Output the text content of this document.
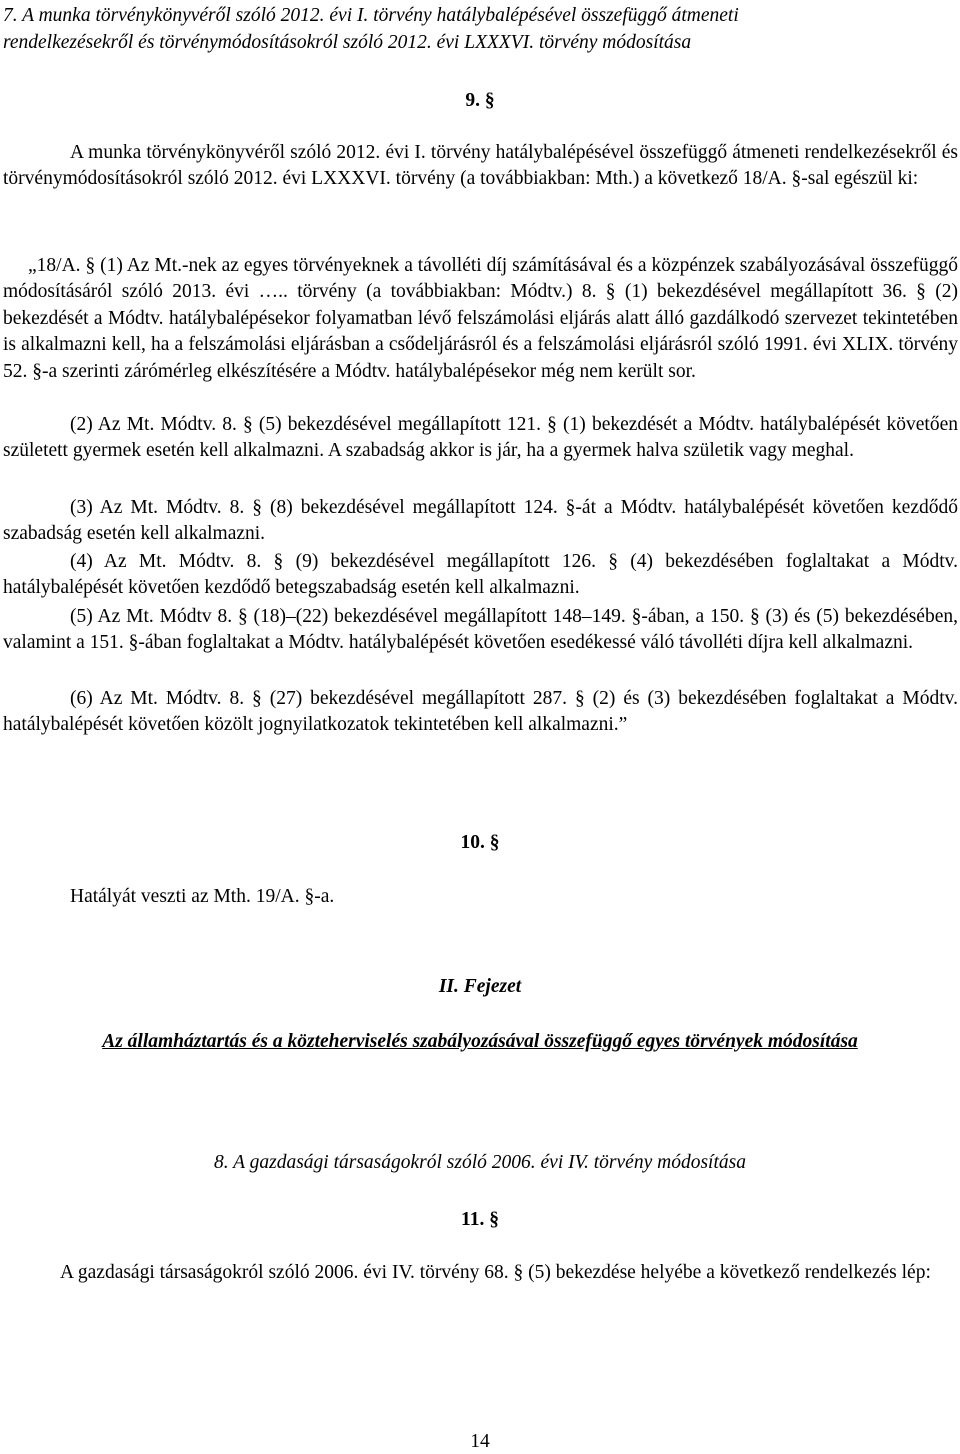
7. A munka törvénykönyvéről szóló 2012. évi I. törvény hatálybalépésével összefüggő átmeneti

rendelkezésekről és törvénymódosításokról szóló 2012. évi LXXXVI. törvény módosítása

9. §

A munka törvénykönyvéről szóló 2012. évi I. törvény hatálybalépésével összefüggő átmeneti rendelkezésekről és törvénymódosításokról szóló 2012. évi LXXXVI. törvény (a továbbiakban: Mth.) a következő 18/A. §-sal egészül ki:

„18/A. § (1) Az Mt.-nek az egyes törvényeknek a távolléti díj számításával és a közpénzek szabályozásával összefüggő módosításáról szóló 2013. évi ….. törvény (a továbbiakban: Módtv.) 8. § (1) bekezdésével megállapított 36. § (2) bekezdését a Módtv. hatálybalépésekor folyamatban lévő felszámolási eljárás alatt álló gazdálkodó szervezet tekintetében is alkalmazni kell, ha a felszámolási eljárásban a csődeljárásról és a felszámolási eljárásról szóló 1991. évi XLIX. törvény 52. §-a szerinti zárómérleg elkészítésére a Módtv. hatálybalépésekor még nem került sor.

(2) Az Mt. Módtv. 8. § (5) bekezdésével megállapított 121. § (1) bekezdését a Módtv. hatálybalépését követően született gyermek esetén kell alkalmazni. A szabadság akkor is jár, ha a gyermek halva születik vagy meghal.

(3) Az Mt. Módtv. 8. § (8) bekezdésével megállapított 124. §-át a Módtv. hatálybalépését követően kezdődő szabadság esetén kell alkalmazni.

(4) Az Mt. Módtv. 8. § (9) bekezdésével megállapított 126. § (4) bekezdésében foglaltakat a Módtv. hatálybalépését követően kezdődő betegszabadság esetén kell alkalmazni.

(5) Az Mt. Módtv 8. § (18)–(22) bekezdésével megállapított 148–149. §-ában, a 150. § (3) és (5) bekezdésében, valamint a 151. §-ában foglaltakat a Módtv. hatálybalépését követően esedékessé váló távolléti díjra kell alkalmazni.

(6) Az Mt. Módtv. 8. § (27) bekezdésével megállapított 287. § (2) és (3) bekezdésében foglaltakat a Módtv. hatálybalépését követően közölt jognyilatkozatok tekintetében kell alkalmazni.”

10. §

Hatályát veszti az Mth. 19/A. §-a.

II. Fejezet

Az államháztartás és a közteherviselés szabályozásával összefüggő egyes törvények módosítása

8. A gazdasági társaságokról szóló 2006. évi IV. törvény módosítása

11. §

A gazdasági társaságokról szóló 2006. évi IV. törvény 68. § (5) bekezdése helyébe a következő rendelkezés lép:

14
